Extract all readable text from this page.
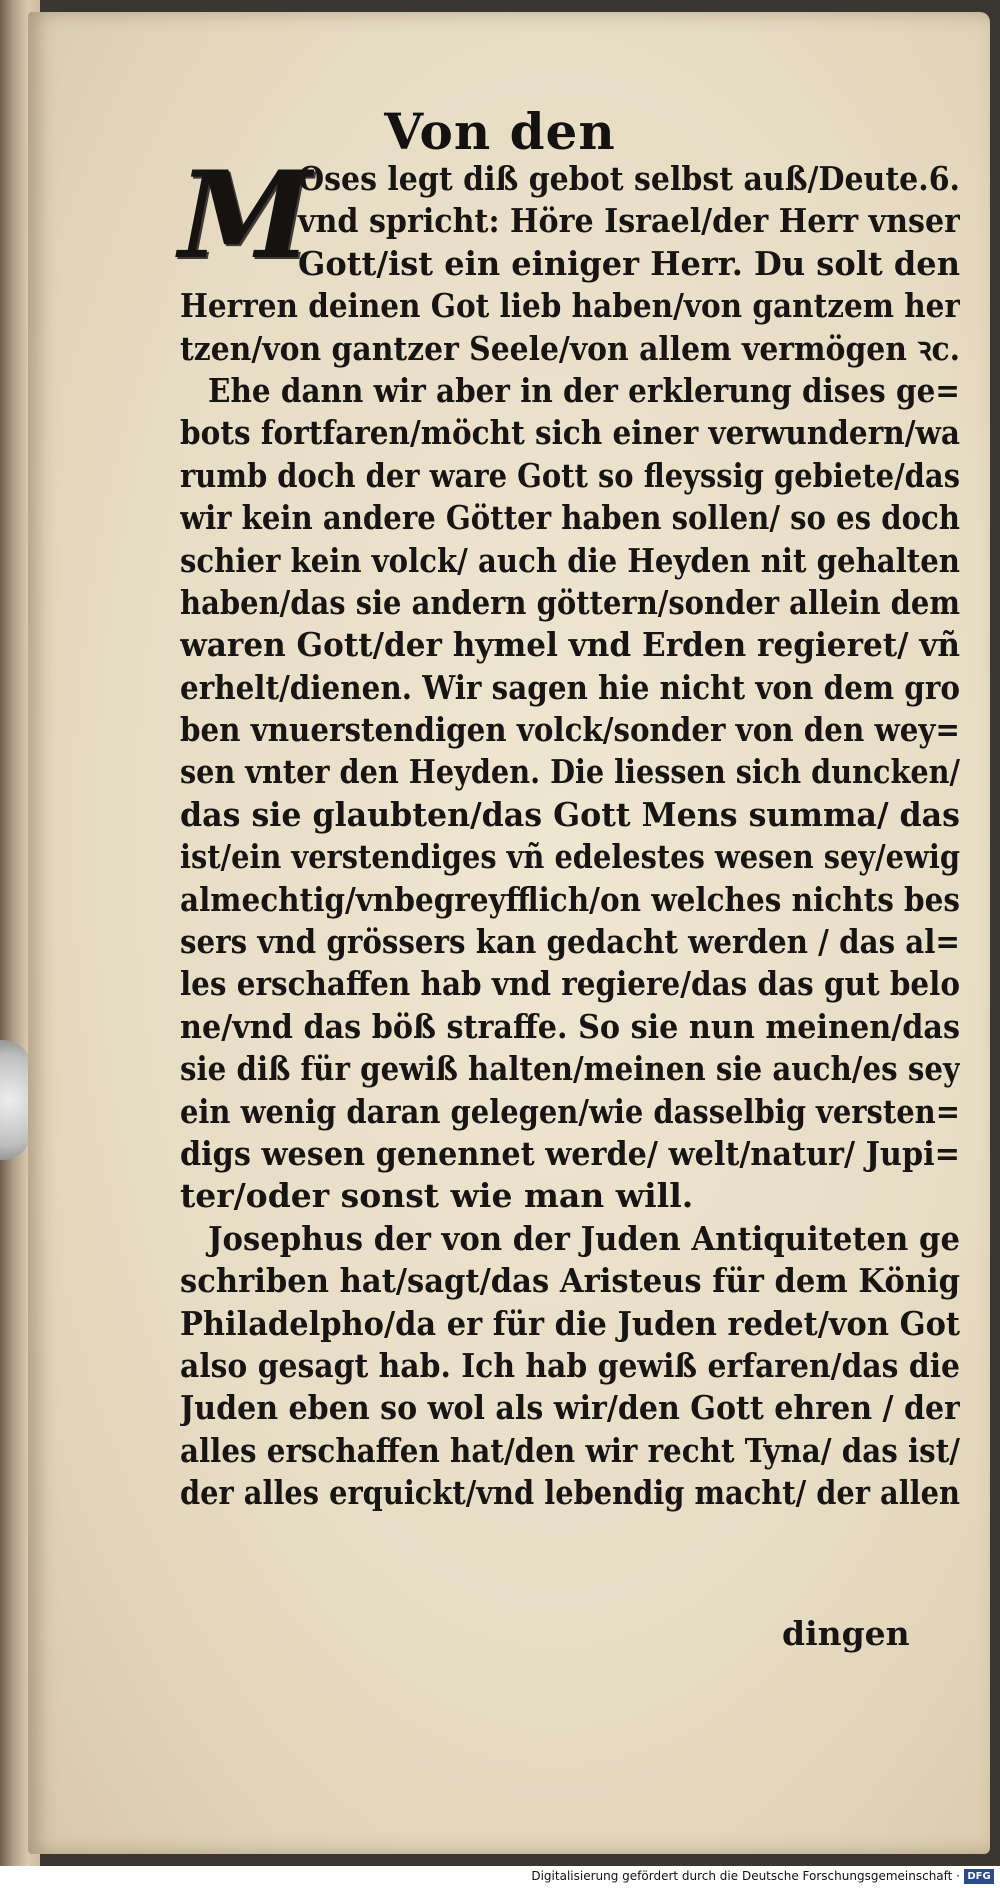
Von den
M
Oses legt diß gebot selbst auß/Deute.6.
vnd spricht: Höre Israel/der Herr vnser
Gott/ist ein einiger Herr. Du solt den
Herren deinen Got lieb haben/von gantzem her
tzen/von gantzer Seele/von allem vermögen ꝛc.
Ehe dann wir aber in der erklerung dises ge=
bots fortfaren/möcht sich einer verwundern/wa
rumb doch der ware Gott so fleyssig gebiete/das
wir kein andere Götter haben sollen/ so es doch
schier kein volck/ auch die Heyden nit gehalten
haben/das sie andern göttern/sonder allein dem
waren Gott/der hymel vnd Erden regieret/ vñ
erhelt/dienen. Wir sagen hie nicht von dem gro
ben vnuerstendigen volck/sonder von den wey=
sen vnter den Heyden. Die liessen sich duncken/
das sie glaubten/das Gott Mens summa/ das
ist/ein verstendiges vñ edelestes wesen sey/ewig
almechtig/vnbegreyfflich/on welches nichts bes
sers vnd grössers kan gedacht werden / das al=
les erschaffen hab vnd regiere/das das gut belo
ne/vnd das böß straffe. So sie nun meinen/das
sie diß für gewiß halten/meinen sie auch/es sey
ein wenig daran gelegen/wie dasselbig versten=
digs wesen genennet werde/ welt/natur/ Jupi=
ter/oder sonst wie man will.
Josephus der von der Juden Antiquiteten ge
schriben hat/sagt/das Aristeus für dem König
Philadelpho/da er für die Juden redet/von Got
also gesagt hab. Ich hab gewiß erfaren/das die
Juden eben so wol als wir/den Gott ehren / der
alles erschaffen hat/den wir recht Tyna/ das ist/
der alles erquickt/vnd lebendig macht/ der allen
dingen
Digitalisierung gefördert durch die Deutsche Forschungsgemeinschaft · DFG
